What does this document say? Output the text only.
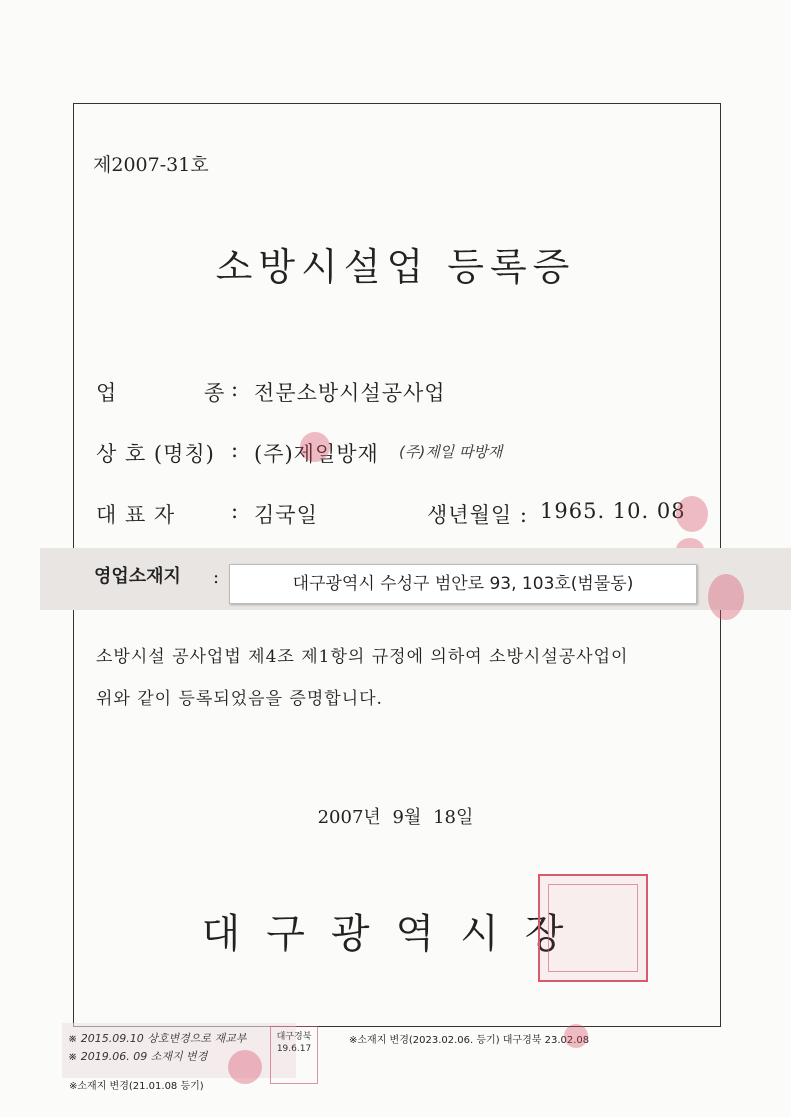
제2007-31호
소방시설업 등록증
업	종 : 전문소방시설공사업
상 호 (명칭) : (주)제일방재 (주)제일 따방재
대 표 자	: 김국일	생년월일 : 1965. 10. 08
영업소재지 :	대구광역시 수성구 범안로 93, 103호(범물동)
소방시설 공사업법 제4조 제1항의 규정에 의하여 소방시설공사업이
위와 같이 등록되었음을 증명합니다.
2007년 9월 18일
대구광역시장
※ 2015.09.10 상호변경으로 재교부
※ 2019.06. 09 소재지 변경
대구경북 19.6.17
※소재지 변경(21.01.08 등기)
※소재지 변경(2023.02.06. 등기) 대구경북 23.02.08
